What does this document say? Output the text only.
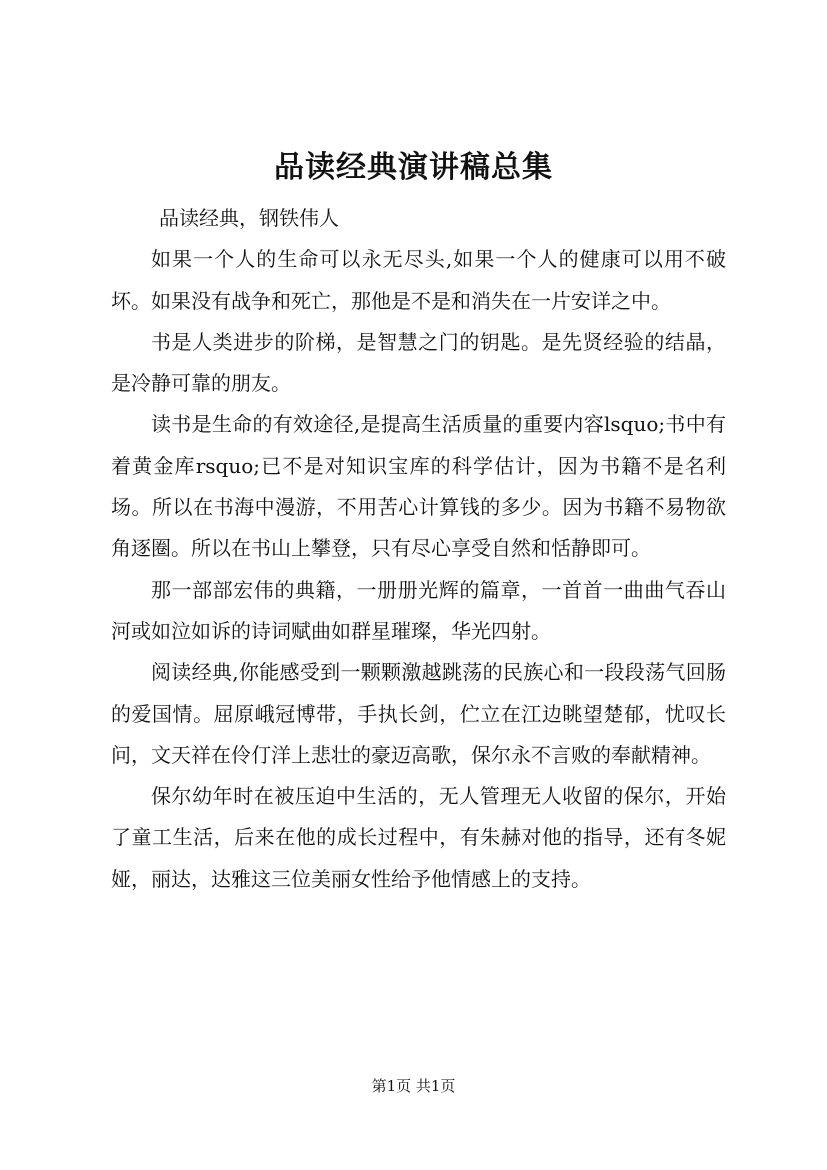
品读经典演讲稿总集

品读经典，钢铁伟人

如果一个人的生命可以永无尽头,如果一个人的健康可以用不破坏。如果没有战争和死亡，那他是不是和消失在一片安详之中。

书是人类进步的阶梯，是智慧之门的钥匙。是先贤经验的结晶，是冷静可靠的朋友。

读书是生命的有效途径,是提高生活质量的重要内容lsquo;书中有着黄金库rsquo;已不是对知识宝库的科学估计，因为书籍不是名利场。所以在书海中漫游，不用苦心计算钱的多少。因为书籍不易物欲角逐圈。所以在书山上攀登，只有尽心享受自然和恬静即可。

那一部部宏伟的典籍，一册册光辉的篇章，一首首一曲曲气吞山河或如泣如诉的诗词赋曲如群星璀璨，华光四射。

阅读经典,你能感受到一颗颗激越跳荡的民族心和一段段荡气回肠的爱国情。屈原峨冠博带，手执长剑，伫立在江边眺望楚郁，忧叹长问，文天祥在伶仃洋上悲壮的豪迈高歌，保尔永不言败的奉献精神。

保尔幼年时在被压迫中生活的，无人管理无人收留的保尔，开始了童工生活，后来在他的成长过程中，有朱赫对他的指导，还有冬妮娅，丽达，达雅这三位美丽女性给予他情感上的支持。

第1页 共1页
